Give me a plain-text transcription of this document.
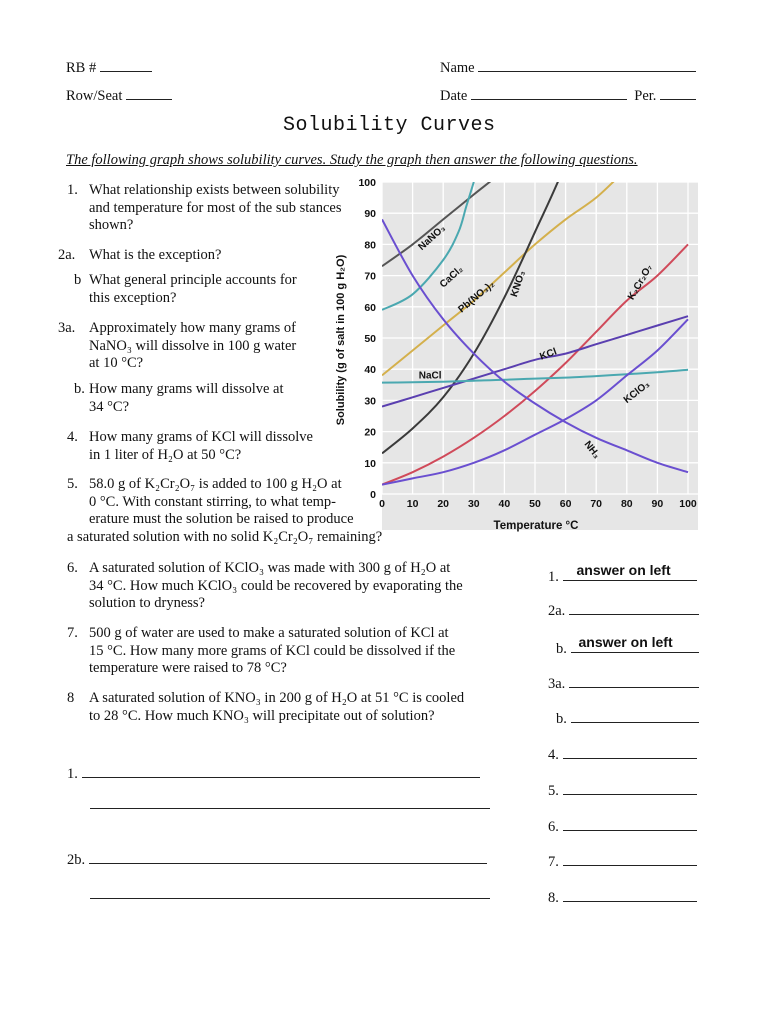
RB #
Row/Seat
Name
Date	Per.
Solubility Curves
The following graph shows solubility curves. Study the graph then answer the following questions.
1. What relationship exists between solubility
and temperature for most of the sub stances
shown?
2a. What is the exception?
b What general principle accounts for
this exception?
3a. Approximately how many grams of
NaNO₃ will dissolve in 100 g water
at 10 °C?
b. How many grams will dissolve at
34 °C?
4. How many grams of KCl will dissolve
in 1 liter of H₂O at 50 °C?
5. 58.0 g of K₂Cr₂O₇ is added to 100 g H₂O at
0 °C. With constant stirring, to what temp-
erature must the solution be raised to produce
a saturated solution with no solid K₂Cr₂O₇ remaining?
6. A saturated solution of KClO₃ was made with 300 g of H₂O at
34 °C. How much KClO₃ could be recovered by evaporating the
solution to dryness?
7. 500 g of water are used to make a saturated solution of KCl at
15 °C. How many more grams of KCl could be dissolved if the
temperature were raised to 78 °C?
8 A saturated solution of KNO₃ in 200 g of H₂O at 51 °C is cooled
to 28 °C. How much KNO₃ will precipitate out of solution?
1. answer on left
2a.
b. answer on left
3a.
b.
4.
5.
6.
7.
8.
1.
2b.
0 10 20 30 40 50 60 70 80 90 100
0
10
20
30
40
50
60
70
80
90
100
NaNO₃
CaCl₂
Pb(NO₃)₂ KNO₃	K₂Cr₂O₇
KCl
NaCl
KClO₃
NH₃
Temperature °C
Solubility (g of salt in 100 g H₂O)
